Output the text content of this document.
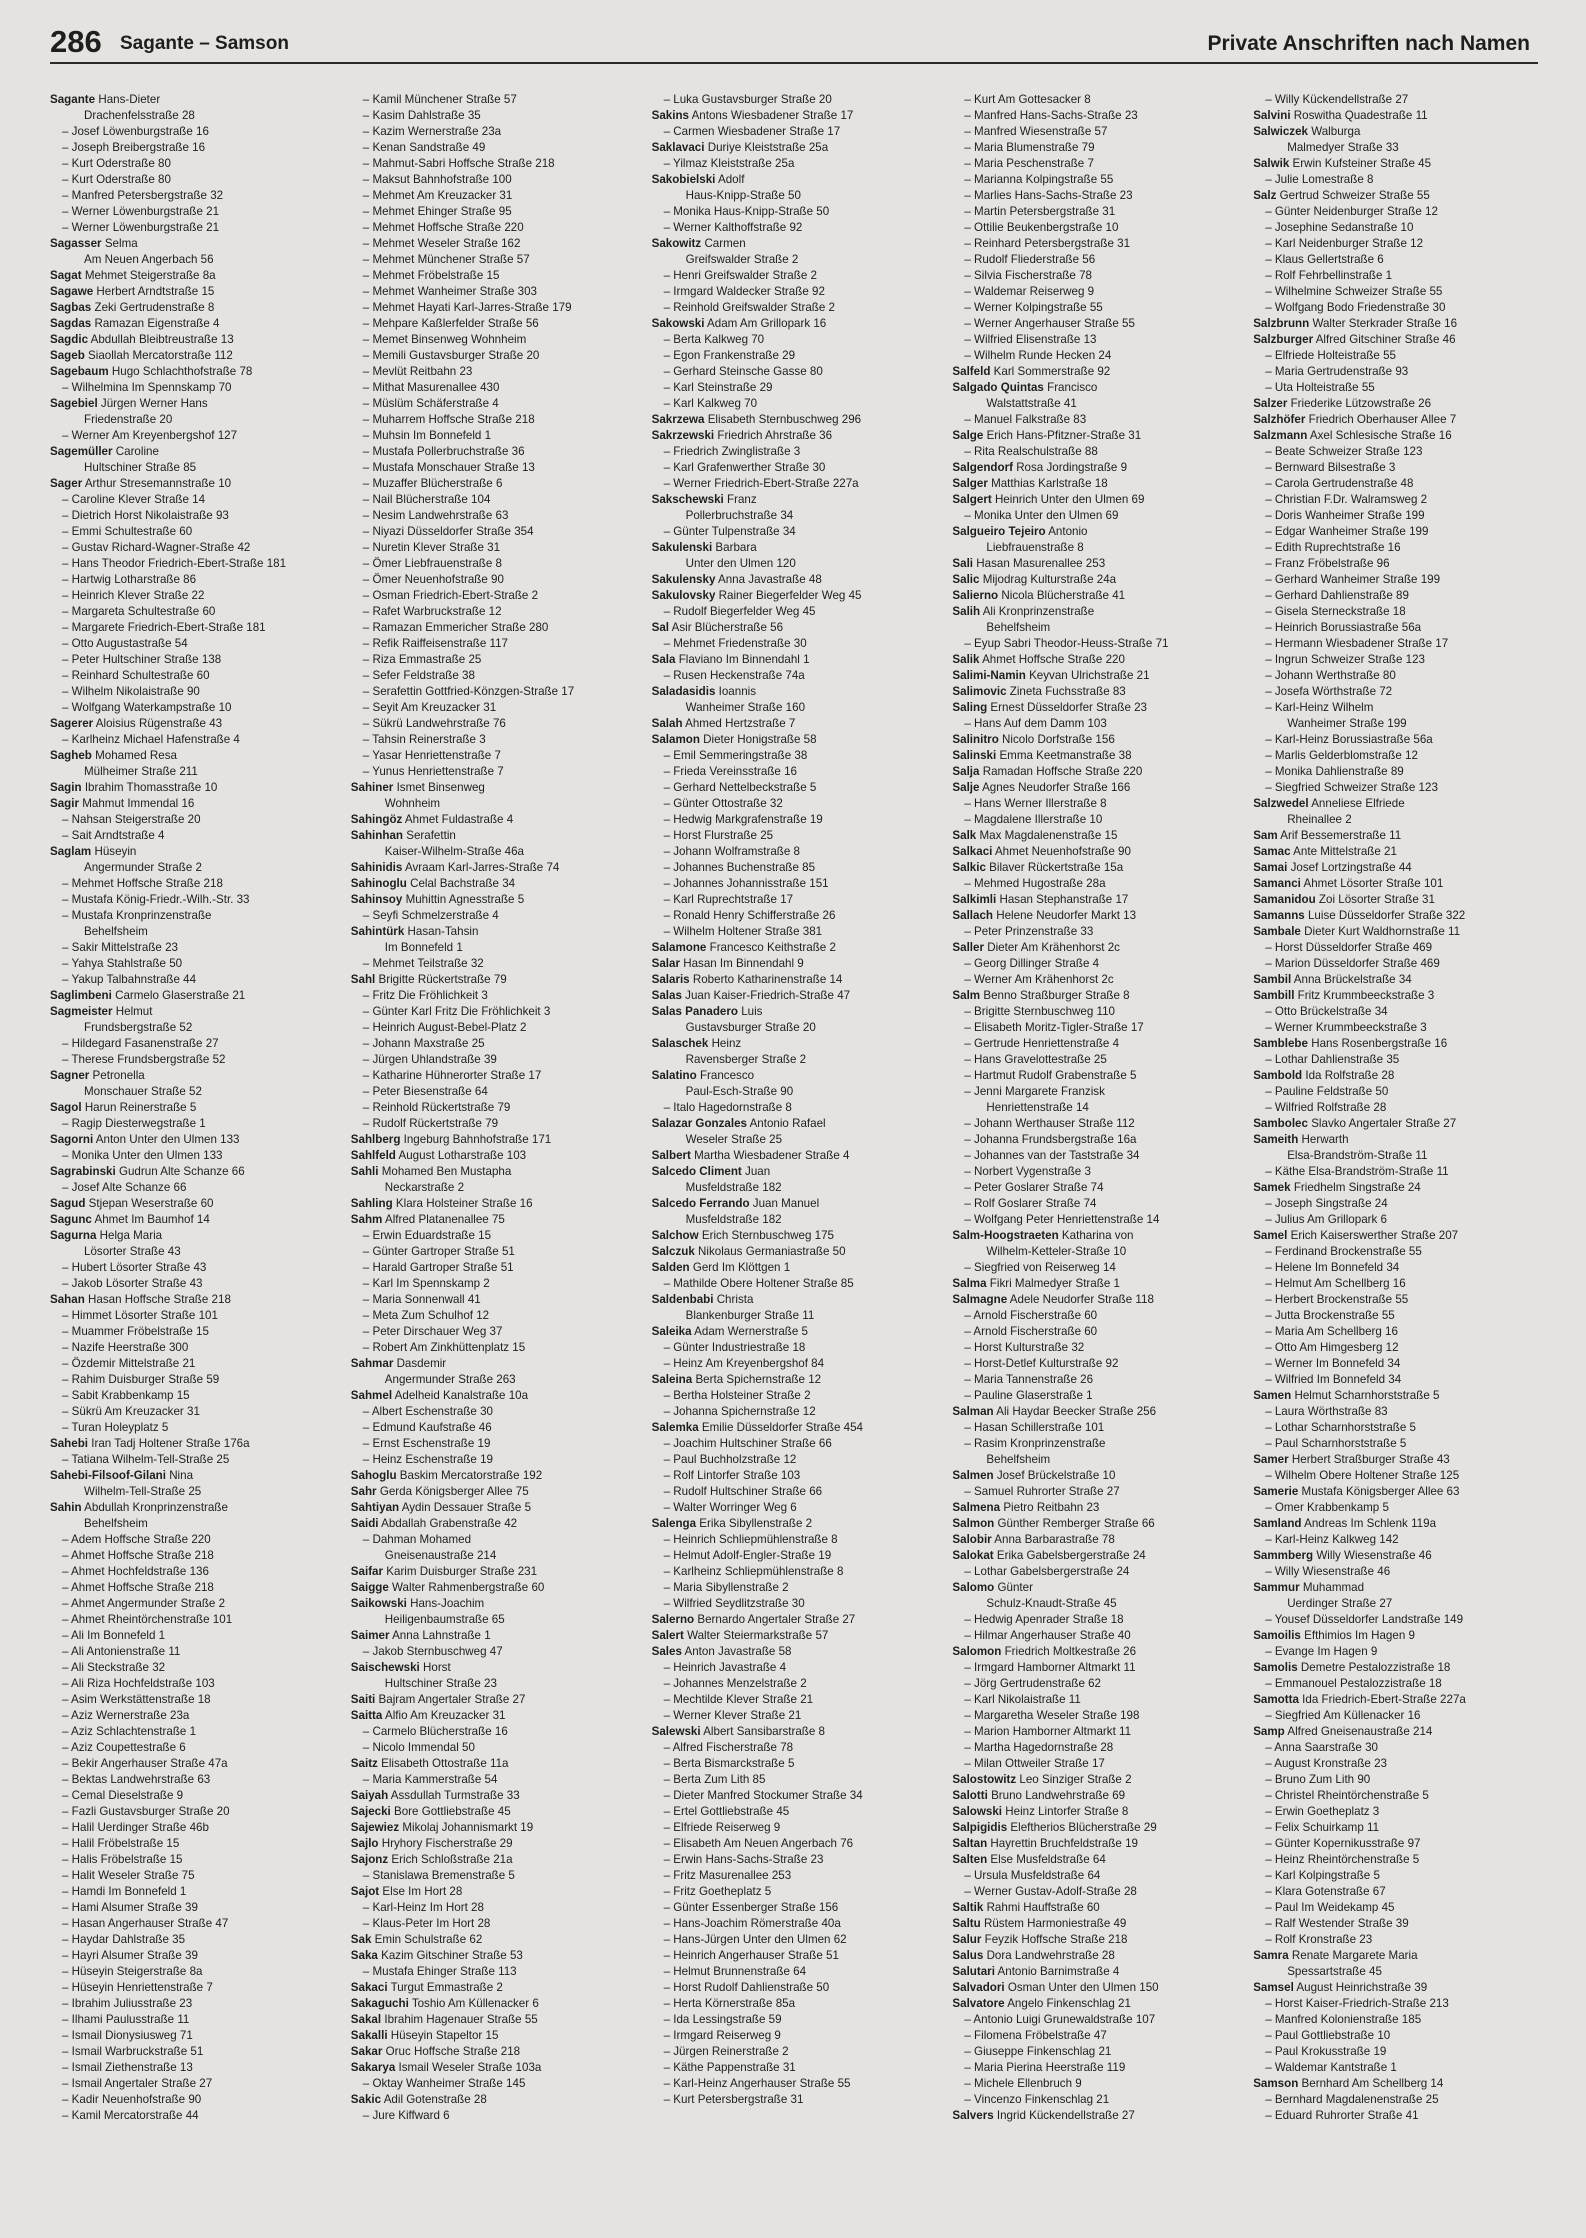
286 Sagante – Samson	Private Anschriften nach Namen
Sagante Hans-Dieter
Drachenfelsstraße 28
– Josef Löwenburgstraße 16
– Joseph Breibergstraße 16
– Kurt Oderstraße 80
– Kurt Oderstraße 80
– Manfred Petersbergstraße 32
– Werner Löwenburgstraße 21
– Werner Löwenburgstraße 21
Sagasser Selma
Am Neuen Angerbach 56
Sagat Mehmet Steigerstraße 8a
Sagawe Herbert Arndtstraße 15
Sagbas Zeki Gertrudenstraße 8
Sagdas Ramazan Eigenstraße 4
Sagdic Abdullah Bleibtreustraße 13
Sageb Siaollah Mercatorstraße 112
Sagebaum Hugo Schlachthofstraße 78
– Wilhelmina Im Spennskamp 70
Sagebiel Jürgen Werner Hans
Friedenstraße 20
– Werner Am Kreyenbergshof 127
Sagemüller Caroline
Hultschiner Straße 85
Sager Arthur Stresemannstraße 10
– Caroline Klever Straße 14
– Dietrich Horst Nikolaistraße 93
– Emmi Schultestraße 60
– Gustav Richard-Wagner-Straße 42
– Hans Theodor Friedrich-Ebert-Straße 181
– Hartwig Lotharstraße 86
– Heinrich Klever Straße 22
– Margareta Schultestraße 60
– Margarete Friedrich-Ebert-Straße 181
– Otto Augustastraße 54
– Peter Hultschiner Straße 138
– Reinhard Schultestraße 60
– Wilhelm Nikolaistraße 90
– Wolfgang Waterkampstraße 10
Sagerer Aloisius Rügenstraße 43
– Karlheinz Michael Hafenstraße 4
Sagheb Mohamed Resa
Mülheimer Straße 211
Sagin Ibrahim Thomasstraße 10
Sagir Mahmut Immendal 16
– Nahsan Steigerstraße 20
– Sait Arndtstraße 4
Saglam Hüseyin
Angermunder Straße 2
– Mehmet Hoffsche Straße 218
– Mustafa König-Friedr.-Wilh.-Str. 33
– Mustafa Kronprinzenstraße
Behelfsheim
– Sakir Mittelstraße 23
– Yahya Stahlstraße 50
– Yakup Talbahnstraße 44
Saglimbeni Carmelo Glaserstraße 21
Sagmeister Helmut
Frundsbergstraße 52
– Hildegard Fasanenstraße 27
– Therese Frundsbergstraße 52
Sagner Petronella
Monschauer Straße 52
Sagol Harun Reinerstraße 5
– Ragip Diesterwegstraße 1
Sagorni Anton Unter den Ulmen 133
– Monika Unter den Ulmen 133
Sagrabinski Gudrun Alte Schanze 66
– Josef Alte Schanze 66
Sagud Stjepan Weserstraße 60
Sagunc Ahmet Im Baumhof 14
Sagurna Helga Maria
Lösorter Straße 43
– Hubert Lösorter Straße 43
– Jakob Lösorter Straße 43
Sahan Hasan Hoffsche Straße 218
– Himmet Lösorter Straße 101
– Muammer Fröbelstraße 15
– Nazife Heerstraße 300
– Özdemir Mittelstraße 21
– Rahim Duisburger Straße 59
– Sabit Krabbenkamp 15
– Sükrü Am Kreuzacker 31
– Turan Holeyplatz 5
Sahebi Iran Tadj Holtener Straße 176a
– Tatiana Wilhelm-Tell-Straße 25
Sahebi-Filsoof-Gilani Nina
Wilhelm-Tell-Straße 25
Sahin Abdullah Kronprinzenstraße
Behelfsheim
– Adem Hoffsche Straße 220
– Ahmet Hoffsche Straße 218
– Ahmet Hochfeldstraße 136
– Ahmet Hoffsche Straße 218
– Ahmet Angermunder Straße 2
– Ahmet Rheintörchenstraße 101
– Ali Im Bonnefeld 1
– Ali Antonienstraße 11
– Ali Steckstraße 32
– Ali Riza Hochfeldstraße 103
– Asim Werkstättenstraße 18
– Aziz Wernerstraße 23a
– Aziz Schlachtenstraße 1
– Aziz Coupettestraße 6
– Bekir Angerhauser Straße 47a
– Bektas Landwehrstraße 63
– Cemal Dieselstraße 9
– Fazli Gustavsburger Straße 20
– Halil Uerdinger Straße 46b
– Halil Fröbelstraße 15
– Halis Fröbelstraße 15
– Halit Weseler Straße 75
– Hamdi Im Bonnefeld 1
– Hami Alsumer Straße 39
– Hasan Angerhauser Straße 47
– Haydar Dahlstraße 35
– Hayri Alsumer Straße 39
– Hüseyin Steigerstraße 8a
– Hüseyin Henriettenstraße 7
– Ibrahim Juliusstraße 23
– Ilhami Paulusstraße 11
– Ismail Dionysiusweg 71
– Ismail Warbruckstraße 51
– Ismail Ziethenstraße 13
– Ismail Angertaler Straße 27
– Kadir Neuenhofstraße 90
– Kamil Mercatorstraße 44
– Kamil Münchener Straße 57
– Kasim Dahlstraße 35
– Kazim Wernerstraße 23a
– Kenan Sandstraße 49
– Mahmut-Sabri Hoffsche Straße 218
– Maksut Bahnhofstraße 100
– Mehmet Am Kreuzacker 31
– Mehmet Ehinger Straße 95
– Mehmet Hoffsche Straße 220
– Mehmet Weseler Straße 162
– Mehmet Münchener Straße 57
– Mehmet Fröbelstraße 15
– Mehmet Wanheimer Straße 303
– Mehmet Hayati Karl-Jarres-Straße 179
– Mehpare Kaßlerfelder Straße 56
– Memet Binsenweg Wohnheim
– Memili Gustavsburger Straße 20
– Mevlüt Reitbahn 23
– Mithat Masurenallee 430
– Müslüm Schäferstraße 4
– Muharrem Hoffsche Straße 218
– Muhsin Im Bonnefeld 1
– Mustafa Pollerbruchstraße 36
– Mustafa Monschauer Straße 13
– Muzaffer Blücherstraße 6
– Nail Blücherstraße 104
– Nesim Landwehrstraße 63
– Niyazi Düsseldorfer Straße 354
– Nuretin Klever Straße 31
– Ömer Liebfrauenstraße 8
– Ömer Neuenhofstraße 90
– Osman Friedrich-Ebert-Straße 2
– Rafet Warbruckstraße 12
– Ramazan Emmericher Straße 280
– Refik Raiffeisenstraße 117
– Riza Emmastraße 25
– Sefer Feldstraße 38
– Serafettin Gottfried-Könzgen-Straße 17
– Seyit Am Kreuzacker 31
– Sükrü Landwehrstraße 76
– Tahsin Reinerstraße 3
– Yasar Henriettenstraße 7
– Yunus Henriettenstraße 7
Sahiner Ismet Binsenweg
Wohnheim
Sahingöz Ahmet Fuldastraße 4
Sahinhan Serafettin
Kaiser-Wilhelm-Straße 46a
Sahinidis Avraam Karl-Jarres-Straße 74
Sahinoglu Celal Bachstraße 34
Sahinsoy Muhittin Agnesstraße 5
– Seyfi Schmelzerstraße 4
Sahintürk Hasan-Tahsin
Im Bonnefeld 1
– Mehmet Teilstraße 32
Sahl Brigitte Rückertstraße 79
– Fritz Die Fröhlichkeit 3
– Günter Karl Fritz Die Fröhlichkeit 3
– Heinrich August-Bebel-Platz 2
– Johann Maxstraße 25
– Jürgen Uhlandstraße 39
– Katharine Hühnerorter Straße 17
– Peter Biesenstraße 64
– Reinhold Rückertstraße 79
– Rudolf Rückertstraße 79
Sahlberg Ingeburg Bahnhofstraße 171
Sahlfeld August Lotharstraße 103
Sahli Mohamed Ben Mustapha
Neckarstraße 2
Sahling Klara Holsteiner Straße 16
Sahm Alfred Platanenallee 75
– Erwin Eduardstraße 15
– Günter Gartroper Straße 51
– Harald Gartroper Straße 51
– Karl Im Spennskamp 2
– Maria Sonnenwall 41
– Meta Zum Schulhof 12
– Peter Dirschauer Weg 37
– Robert Am Zinkhüttenplatz 15
Sahmar Dasdemir
Angermunder Straße 263
Sahmel Adelheid Kanalstraße 10a
– Albert Eschenstraße 30
– Edmund Kaufstraße 46
– Ernst Eschenstraße 19
– Heinz Eschenstraße 19
Sahoglu Baskim Mercatorstraße 192
Sahr Gerda Königsberger Allee 75
Sahtiyan Aydin Dessauer Straße 5
Saidi Abdallah Grabenstraße 42
– Dahman Mohamed
Gneisenaustraße 214
Saifar Karim Duisburger Straße 231
Saigge Walter Rahmenbergstraße 60
Saikowski Hans-Joachim
Heiligenbaumstraße 65
Saimer Anna Lahnstraße 1
– Jakob Sternbuschweg 47
Saischewski Horst
Hultschiner Straße 23
Saiti Bajram Angertaler Straße 27
Saitta Alfio Am Kreuzacker 31
– Carmelo Blücherstraße 16
– Nicolo Immendal 50
Saitz Elisabeth Ottostraße 11a
– Maria Kammerstraße 54
Saiyah Assdullah Turmstraße 33
Sajecki Bore Gottliebstraße 45
Sajewiez Mikolaj Johannismarkt 19
Sajlo Hryhory Fischerstraße 29
Sajonz Erich Schloßstraße 21a
– Stanislawa Bremenstraße 5
Sajot Else Im Hort 28
– Karl-Heinz Im Hort 28
– Klaus-Peter Im Hort 28
Sak Emin Schulstraße 62
Saka Kazim Gitschiner Straße 53
– Mustafa Ehinger Straße 113
Sakaci Turgut Emmastraße 2
Sakaguchi Toshio Am Küllenacker 6
Sakal Ibrahim Hagenauer Straße 55
Sakalli Hüseyin Stapeltor 15
Sakar Oruc Hoffsche Straße 218
Sakarya Ismail Weseler Straße 103a
– Oktay Wanheimer Straße 145
Sakic Adil Gotenstraße 28
– Jure Kiffward 6
– Luka Gustavsburger Straße 20
Sakins Antons Wiesbadener Straße 17
– Carmen Wiesbadener Straße 17
Saklavaci Duriye Kleiststraße 25a
– Yilmaz Kleiststraße 25a
Sakobielski Adolf
Haus-Knipp-Straße 50
– Monika Haus-Knipp-Straße 50
– Werner Kalthoffstraße 92
Sakowitz Carmen
Greifswalder Straße 2
– Henri Greifswalder Straße 2
– Irmgard Waldecker Straße 92
– Reinhold Greifswalder Straße 2
Sakowski Adam Am Grillopark 16
– Berta Kalkweg 70
– Egon Frankenstraße 29
– Gerhard Steinsche Gasse 80
– Karl Steinstraße 29
– Karl Kalkweg 70
Sakrzewa Elisabeth Sternbuschweg 296
Sakrzewski Friedrich Ahrstraße 36
– Friedrich Zwinglistraße 3
– Karl Grafenwerther Straße 30
– Werner Friedrich-Ebert-Straße 227a
Saksсhewski Franz
Pollerbruchstraße 34
– Günter Tulpenstraße 34
Sakulenski Barbara
Unter den Ulmen 120
Sakulensky Anna Javastraße 48
Sakulovsky Rainer Biegerfelder Weg 45
– Rudolf Biegerfelder Weg 45
Sal Asir Blücherstraße 56
– Mehmet Friedenstraße 30
Sala Flaviano Im Binnendahl 1
– Rusen Heckenstraße 74a
Saladasidis Ioannis
Wanheimer Straße 160
Salah Ahmed Hertzstraße 7
Salamon Dieter Honigstraße 58
– Emil Semmeringstraße 38
– Frieda Vereinsstraße 16
– Gerhard Nettelbeckstraße 5
– Günter Ottostraße 32
– Hedwig Markgrafenstraße 19
– Horst Flurstraße 25
– Johann Wolframstraße 8
– Johannes Buchenstraße 85
– Johannes Johannisstraße 151
– Karl Ruprechtstraße 17
– Ronald Henry Schifferstraße 26
– Wilhelm Holtener Straße 381
Salamone Francesco Keithstraße 2
Salar Hasan Im Binnendahl 9
Salaris Roberto Katharinenstraße 14
Salas Juan Kaiser-Friedrich-Straße 47
Salas Panadero Luis
Gustavsburger Straße 20
Salaschek Heinz
Ravensberger Straße 2
Salatino Francesco
Paul-Esch-Straße 90
– Italo Hagedornstraße 8
Salazar Gonzales Antonio Rafael
Weseler Straße 25
Salbert Martha Wiesbadener Straße 4
Salcedo Climent Juan
Musfeldstraße 182
Salcedo Ferrando Juan Manuel
Musfeldstraße 182
Salchow Erich Sternbuschweg 175
Salczuk Nikolaus Germaniastraße 50
Salden Gerd Im Klöttgen 1
– Mathilde Obere Holtener Straße 85
Saldenbabi Christa
Blankenburger Straße 11
Saleika Adam Wernerstraße 5
– Günter Industriestraße 18
– Heinz Am Kreyenbergshof 84
Saleina Berta Spichernstraße 12
– Bertha Holsteiner Straße 2
– Johanna Spichernstraße 12
Salemka Emilie Düsseldorfer Straße 454
– Joachim Hultschiner Straße 66
– Paul Buchholzstraße 12
– Rolf Lintorfer Straße 103
– Rudolf Hultschiner Straße 66
– Walter Worringer Weg 6
Salenga Erika Sibyllenstraße 2
– Heinrich Schliepmühlenstraße 8
– Helmut Adolf-Engler-Straße 19
– Karlheinz Schliepmühlenstraße 8
– Maria Sibyllenstraße 2
– Wilfried Seydlitzstraße 30
Salerno Bernardo Angertaler Straße 27
Salert Walter Steiermarkstraße 57
Sales Anton Javastraße 58
– Heinrich Javastraße 4
– Johannes Menzelstraße 2
– Mechtilde Klever Straße 21
– Werner Klever Straße 21
Salewski Albert Sansibarstraße 8
– Alfred Fischerstraße 78
– Berta Bismarckstraße 5
– Berta Zum Lith 85
– Dieter Manfred Stockumer Straße 34
– Ertel Gottliebstraße 45
– Elfriede Reiserweg 9
– Elisabeth Am Neuen Angerbach 76
– Erwin Hans-Sachs-Straße 23
– Fritz Masurenallee 253
– Fritz Goetheplatz 5
– Günter Essenberger Straße 156
– Hans-Joachim Römerstraße 40a
– Hans-Jürgen Unter den Ulmen 62
– Heinrich Angerhauser Straße 51
– Helmut Brunnenstraße 64
– Horst Rudolf Dahlienstraße 50
– Herta Körnerstraße 85a
– Ida Lessingstraße 59
– Irmgard Reiserweg 9
– Jürgen Reinerstraße 2
– Käthe Pappenstraße 31
– Karl-Heinz Angerhauser Straße 55
– Kurt Petersbergstraße 31
– Kurt Am Gottesacker 8
– Manfred Hans-Sachs-Straße 23
– Manfred Wiesenstraße 57
– Maria Blumenstraße 79
– Maria Peschenstraße 7
– Marianna Kolpingstraße 55
– Marlies Hans-Sachs-Straße 23
– Martin Petersbergstraße 31
– Ottilie Beukenbergstraße 10
– Reinhard Petersbergstraße 31
– Rudolf Fliederstraße 56
– Silvia Fischerstraße 78
– Waldemar Reiserweg 9
– Werner Kolpingstraße 55
– Werner Angerhauser Straße 55
– Wilfried Elisenstraße 13
– Wilhelm Runde Hecken 24
Salfeld Karl Sommerstraße 92
Salgado Quintas Francisco
Walstattstraße 41
– Manuel Falkstraße 83
Salge Erich Hans-Pfitzner-Straße 31
– Rita Realschulstraße 88
Salgendorf Rosa Jordingstraße 9
Salger Matthias Karlstraße 18
Salgert Heinrich Unter den Ulmen 69
– Monika Unter den Ulmen 69
Salgueiro Tejeiro Antonio
Liebfrauenstraße 8
Sali Hasan Masurenallee 253
Salic Mijodrag Kulturstraße 24a
Salierno Nicola Blücherstraße 41
Salih Ali Kronprinzenstraße
Behelfsheim
– Eyup Sabri Theodor-Heuss-Straße 71
Salik Ahmet Hoffsche Straße 220
Salimi-Namin Keyvan Ulrichstraße 21
Salimovic Zineta Fuchsstraße 83
Saling Ernest Düsseldorfer Straße 23
– Hans Auf dem Damm 103
Salinitro Nicolo Dorfstraße 156
Salinski Emma Keetmanstraße 38
Salja Ramadan Hoffsche Straße 220
Salje Agnes Neudorfer Straße 166
– Hans Werner Illerstraße 8
– Magdalene Illerstraße 10
Salk Max Magdalenenstraße 15
Salkaci Ahmet Neuenhofstraße 90
Salkic Bilaver Rückertstraße 15a
– Mehmed Hugostraße 28a
Salkimli Hasan Stephanstraße 17
Sallach Helene Neudorfer Markt 13
– Peter Prinzenstraße 33
Saller Dieter Am Krähenhorst 2c
– Georg Dillinger Straße 4
– Werner Am Krähenhorst 2c
Salm Benno Straßburger Straße 8
– Brigitte Sternbuschweg 110
– Elisabeth Moritz-Tigler-Straße 17
– Gertrude Henriettenstraße 4
– Hans Gravelottestraße 25
– Hartmut Rudolf Grabenstraße 5
– Jenni Margarete Franzisk
Henriettenstraße 14
– Johann Werthauser Straße 112
– Johanna Frundsbergstraße 16a
– Johannes van der Taststraße 34
– Norbert Vygenstraße 3
– Peter Goslarer Straße 74
– Rolf Goslarer Straße 74
– Wolfgang Peter Henriettenstraße 14
Salm-Hoogstraeten Katharina von
Wilhelm-Ketteler-Straße 10
– Siegfried von Reiserweg 14
Salma Fikri Malmedyer Straße 1
Salmagne Adele Neudorfer Straße 118
– Arnold Fischerstraße 60
– Arnold Fischerstraße 60
– Horst Kulturstraße 32
– Horst-Detlef Kulturstraße 92
– Maria Tannenstraße 26
– Pauline Glaserstraße 1
Salman Ali Haydar Beecker Straße 256
– Hasan Schillerstraße 101
– Rasim Kronprinzenstraße
Behelfsheim
Salmen Josef Brückelstraße 10
– Samuel Ruhrorter Straße 27
Salmena Pietro Reitbahn 23
Salmon Günther Remberger Straße 66
Salobir Anna Barbarastraße 78
Salokat Erika Gabelsbergerstraße 24
– Lothar Gabelsbergerstraße 24
Salomo Günter
Schulz-Knaudt-Straße 45
– Hedwig Apenrader Straße 18
– Hilmar Angerhauser Straße 40
Salomon Friedrich Moltkestraße 26
– Irmgard Hamborner Altmarkt 11
– Jörg Gertrudenstraße 62
– Karl Nikolaistraße 11
– Margaretha Weseler Straße 198
– Marion Hamborner Altmarkt 11
– Martha Hagedornstraße 28
– Milan Ottweiler Straße 17
Salostowitz Leo Sinziger Straße 2
Salotti Bruno Landwehrstraße 69
Salowski Heinz Lintorfer Straße 8
Salpigidis Eleftherios Blücherstraße 29
Saltan Hayrettin Bruchfeldstraße 19
Salten Else Musfeldstraße 64
– Ursula Musfeldstraße 64
– Werner Gustav-Adolf-Straße 28
Saltik Rahmi Hauffstraße 60
Saltu Rüstem Harmoniestraße 49
Salur Feyzik Hoffsche Straße 218
Salus Dora Landwehrstraße 28
Salutari Antonio Barnimstraße 4
Salvadori Osman Unter den Ulmen 150
Salvatore Angelo Finkenschlag 21
– Antonio Luigi Grunewaldstraße 107
– Filomena Fröbelstraße 47
– Giuseppe Finkenschlag 21
– Maria Pierina Heerstraße 119
– Michele Ellenbruch 9
– Vincenzo Finkenschlag 21
Salvers Ingrid Kückendellstraße 27
– Willy Kückendellstraße 27
Salvini Roswitha Quadestraße 11
Salwiczek Walburga
Malmedyer Straße 33
Salwik Erwin Kufsteiner Straße 45
– Julie Lomestraße 8
Salz Gertrud Schweizer Straße 55
– Günter Neidenburger Straße 12
– Josephine Sedanstraße 10
– Karl Neidenburger Straße 12
– Klaus Gellertstraße 6
– Rolf Fehrbellinstraße 1
– Wilhelmine Schweizer Straße 55
– Wolfgang Bodo Friedenstraße 30
Salzbrunn Walter Sterkrader Straße 16
Salzburger Alfred Gitschiner Straße 46
– Elfriede Holteistraße 55
– Maria Gertrudenstraße 93
– Uta Holteistraße 55
Salzer Friederike Lützowstraße 26
Salzhöfer Friedrich Oberhauser Allee 7
Salzmann Axel Schlesische Straße 16
– Beate Schweizer Straße 123
– Bernward Bilsestraße 3
– Carola Gertrudenstraße 48
– Christian F.Dr. Walramsweg 2
– Doris Wanheimer Straße 199
– Edgar Wanheimer Straße 199
– Edith Ruprechtstraße 16
– Franz Fröbelstraße 96
– Gerhard Wanheimer Straße 199
– Gerhard Dahlienstraße 89
– Gisela Sterneckstraße 18
– Heinrich Borussiastraße 56a
– Hermann Wiesbadener Straße 17
– Ingrun Schweizer Straße 123
– Johann Werthstraße 80
– Josefa Wörthstraße 72
– Karl-Heinz Wilhelm
Wanheimer Straße 199
– Karl-Heinz Borussiastraße 56a
– Marlis Gelderblomstraße 12
– Monika Dahlienstraße 89
– Siegfried Schweizer Straße 123
Salzwedel Anneliese Elfriede
Rheinallee 2
Sam Arif Bessemerstraße 11
Samac Ante Mittelstraße 21
Samai Josef Lortzingstraße 44
Samanci Ahmet Lösorter Straße 101
Samanidou Zoi Lösorter Straße 31
Samanns Luise Düsseldorfer Straße 322
Sambale Dieter Kurt Waldhornstraße 11
– Horst Düsseldorfer Straße 469
– Marion Düsseldorfer Straße 469
Sambil Anna Brückelstraße 34
Sambill Fritz Krummbeeckstraße 3
– Otto Brückelstraße 34
– Werner Krummbeeckstraße 3
Samblebe Hans Rosenbergstraße 16
– Lothar Dahlienstraße 35
Sambold Ida Rolfstraße 28
– Pauline Feldstraße 50
– Wilfried Rolfstraße 28
Sambolec Slavko Angertaler Straße 27
Sameith Herwarth
Elsa-Brandström-Straße 11
– Käthe Elsa-Brandström-Straße 11
Samek Friedhelm Singstraße 24
– Joseph Singstraße 24
– Julius Am Grillopark 6
Samel Erich Kaiserswerther Straße 207
– Ferdinand Brockenstraße 55
– Helene Im Bonnefeld 34
– Helmut Am Schellberg 16
– Herbert Brockenstraße 55
– Jutta Brockenstraße 55
– Maria Am Schellberg 16
– Otto Am Himgesberg 12
– Werner Im Bonnefeld 34
– Wilfried Im Bonnefeld 34
Samen Helmut Scharnhorststraße 5
– Laura Wörthstraße 83
– Lothar Scharnhorststraße 5
– Paul Scharnhorststraße 5
Samer Herbert Straßburger Straße 43
– Wilhelm Obere Holtener Straße 125
Samerie Mustafa Königsberger Allee 63
– Omer Krabbenkamp 5
Samland Andreas Im Schlenk 119a
– Karl-Heinz Kalkweg 142
Sammberg Willy Wiesenstraße 46
– Willy Wiesenstraße 46
Sammur Muhammad
Uerdinger Straße 27
– Yousef Düsseldorfer Landstraße 149
Samoilis Efthimios Im Hagen 9
– Evange Im Hagen 9
Samolis Demetre Pestalozzistraße 18
– Emmanouel Pestalozzistraße 18
Samotta Ida Friedrich-Ebert-Straße 227a
– Siegfried Am Küllenacker 16
Samp Alfred Gneisenaustraße 214
– Anna Saarstraße 30
– August Kronstraße 23
– Bruno Zum Lith 90
– Christel Rheintörchenstraße 5
– Erwin Goetheplatz 3
– Felix Schuirkamp 11
– Günter Kopernikusstraße 97
– Heinz Rheintörchenstraße 5
– Karl Kolpingstraße 5
– Klara Gotenstraße 67
– Paul Im Weidekamp 45
– Ralf Westender Straße 39
– Rolf Kronstraße 23
Samra Renate Margarete Maria
Spessartstraße 45
Samsel August Heinrichstraße 39
– Horst Kaiser-Friedrich-Straße 213
– Manfred Kolonienstraße 185
– Paul Gottliebstraße 10
– Paul Krokusstraße 19
– Waldemar Kantstraße 1
Samson Bernhard Am Schellberg 14
– Bernhard Magdalenenstraße 25
– Eduard Ruhrorter Straße 41
